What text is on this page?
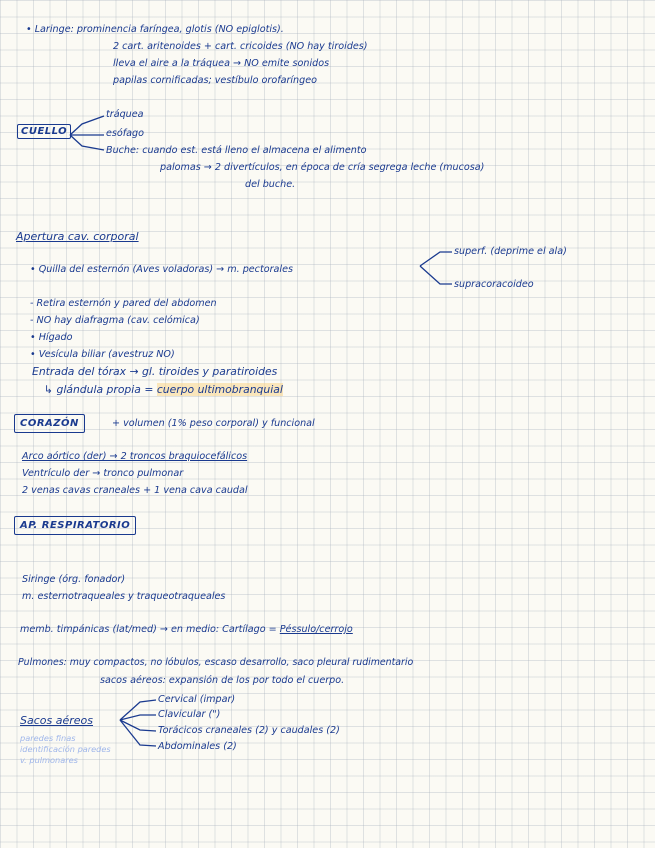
• Laringe: prominencia faríngea, glotis (NO epiglotis).
2 cart. aritenoides + cart. cricoides (NO hay tiroides)
lleva el aire a la tráquea → NO emite sonidos
papilas cornificadas; vestíbulo orofaríngeo
CUELLO
tráquea
esófago
Buche: cuando est. está lleno el almacena el alimento
palomas → 2 divertículos, en época de cría segrega leche (mucosa)
del buche.
Apertura cav. corporal
• Quilla del esternón (Aves voladoras) → m. pectorales
superf. (deprime el ala)
supracoracoideo
- Retira esternón y pared del abdomen
- NO hay diafragma (cav. celómica)
• Hígado
• Vesícula biliar (avestruz NO)
Entrada del tórax → gl. tiroides y paratiroides
↳ glándula propia = cuerpo ultimobranquial
CORAZÓN	+ volumen (1% peso corporal) y funcional
Arco aórtico (der) → 2 troncos braquiocefálicos
Ventrículo der → tronco pulmonar
2 venas cavas craneales + 1 vena cava caudal
AP. RESPIRATORIO
Siringe (órg. fonador)
m. esternotraqueales y traqueotraqueales
memb. timpánicas (lat/med) → en medio: Cartílago = Péssulo/cerrojo
Pulmones: muy compactos, no lóbulos, escaso desarrollo, saco pleural rudimentario
sacos aéreos: expansión de los por todo el cuerpo.
Sacos aéreos
paredes finas
identificación paredes
v. pulmonares
Cervical (impar)
Clavicular (")
Torácicos craneales (2) y caudales (2)
Abdominales (2)
